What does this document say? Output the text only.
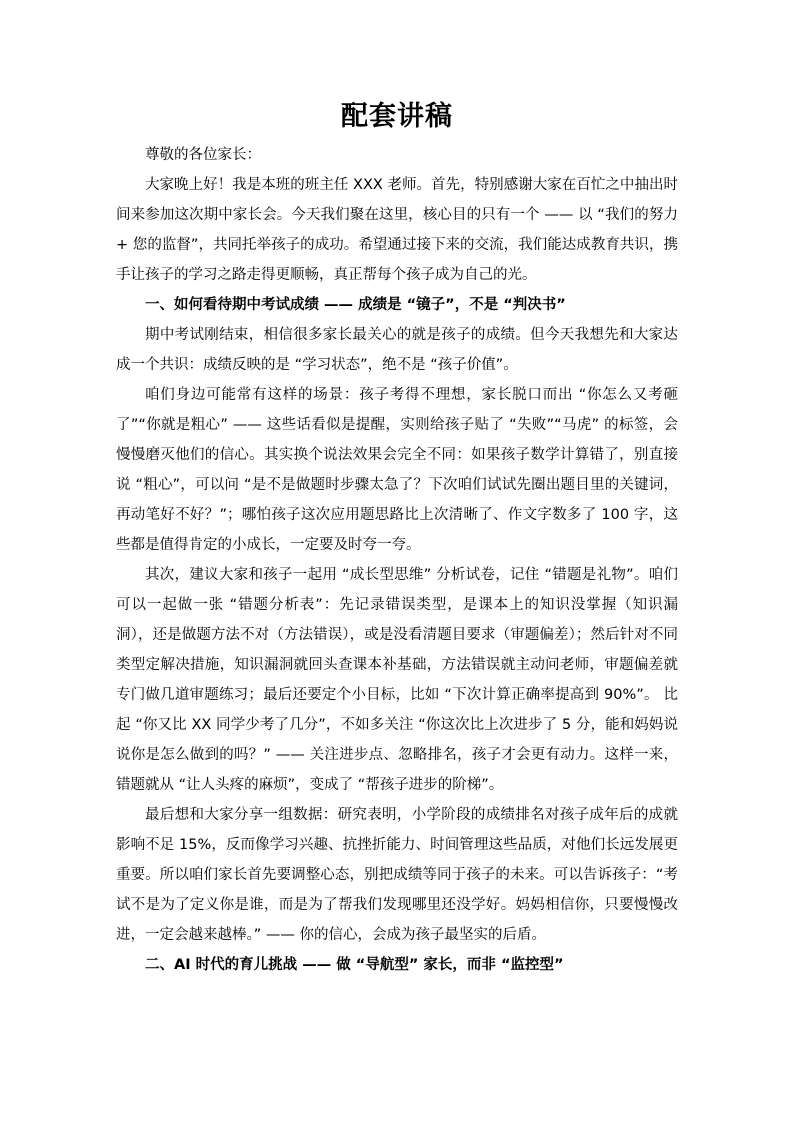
配套讲稿

尊敬的各位家长：

大家晚上好！我是本班的班主任 XXX 老师。首先，特别感谢大家在百忙之中抽出时间来参加这次期中家长会。今天我们聚在这里，核心目的只有一个 —— 以 “我们的努力 + 您的监督”，共同托举孩子的成功。希望通过接下来的交流，我们能达成教育共识，携手让孩子的学习之路走得更顺畅，真正帮每个孩子成为自己的光。

一、如何看待期中考试成绩 —— 成绩是 “镜子”，不是 “判决书”

期中考试刚结束，相信很多家长最关心的就是孩子的成绩。但今天我想先和大家达成一个共识：成绩反映的是 “学习状态”，绝不是 “孩子价值”。

咱们身边可能常有这样的场景：孩子考得不理想，家长脱口而出 “你怎么又考砸了”“你就是粗心” —— 这些话看似是提醒，实则给孩子贴了 “失败”“马虎” 的标签，会慢慢磨灭他们的信心。其实换个说法效果会完全不同：如果孩子数学计算错了，别直接说 “粗心”，可以问 “是不是做题时步骤太急了？下次咱们试试先圈出题目里的关键词，再动笔好不好？”；哪怕孩子这次应用题思路比上次清晰了、作文字数多了 100 字，这些都是值得肯定的小成长，一定要及时夸一夸。

其次，建议大家和孩子一起用 “成长型思维” 分析试卷，记住 “错题是礼物”。咱们可以一起做一张 “错题分析表”：先记录错误类型，是课本上的知识没掌握（知识漏洞），还是做题方法不对（方法错误），或是没看清题目要求（审题偏差）；然后针对不同类型定解决措施，知识漏洞就回头查课本补基础，方法错误就主动问老师，审题偏差就专门做几道审题练习；最后还要定个小目标，比如 “下次计算正确率提高到 90%”。 比起 “你又比 XX 同学少考了几分”，不如多关注 “你这次比上次进步了 5 分，能和妈妈说说你是怎么做到的吗？” —— 关注进步点、忽略排名，孩子才会更有动力。这样一来，错题就从 “让人头疼的麻烦”，变成了 “帮孩子进步的阶梯”。

最后想和大家分享一组数据：研究表明，小学阶段的成绩排名对孩子成年后的成就影响不足 15%，反而像学习兴趣、抗挫折能力、时间管理这些品质，对他们长远发展更重要。所以咱们家长首先要调整心态，别把成绩等同于孩子的未来。可以告诉孩子：“考试不是为了定义你是谁，而是为了帮我们发现哪里还没学好。妈妈相信你，只要慢慢改进，一定会越来越棒。” —— 你的信心，会成为孩子最坚实的后盾。

二、AI 时代的育儿挑战 —— 做 “导航型” 家长，而非 “监控型”
